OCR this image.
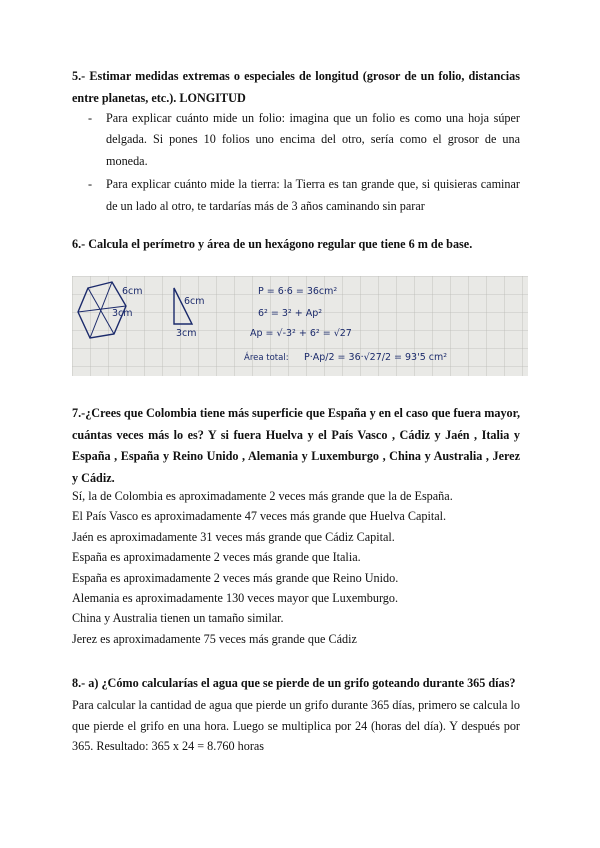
5.- Estimar medidas extremas o especiales de longitud (grosor de un folio, distancias entre planetas, etc.). LONGITUD
- Para explicar cuánto mide un folio: imagina que un folio es como una hoja súper delgada. Si pones 10 folios uno encima del otro, sería como el grosor de una moneda.
- Para explicar cuánto mide la tierra: la Tierra es tan grande que, si quisieras caminar de un lado al otro, te tardarías más de 3 años caminando sin parar
6.- Calcula el perímetro y área de un hexágono regular que tiene 6 m de base.
6cm
3cm
6cm
3cm
P = 6·6 = 36cm²
6² = 3² + Ap²
Ap = √-3² + 6² = √27
Área total: P·Ap/2 = 36·√27/2 = 93'5 cm²
7.-¿Crees que Colombia tiene más superficie que España y en el caso que fuera mayor, cuántas veces más lo es? Y si fuera Huelva y el País Vasco , Cádiz y Jaén , Italia y España , España y Reino Unido , Alemania y Luxemburgo , China y Australia , Jerez y Cádiz.

Sí, la de Colombia es aproximadamente 2 veces más grande que la de España.

El País Vasco es aproximadamente 47 veces más grande que Huelva Capital.

Jaén es aproximadamente 31 veces más grande que Cádiz Capital.

España es aproximadamente 2 veces más grande que Italia.

España es aproximadamente 2 veces más grande que Reino Unido.

Alemania es aproximadamente 130 veces mayor que Luxemburgo.

China y Australia tienen un tamaño similar.

Jerez es aproximadamente 75 veces más grande que Cádiz

8.- a) ¿Cómo calcularías el agua que se pierde de un grifo goteando durante 365 días?
Para calcular la cantidad de agua que pierde un grifo durante 365 días, primero se calcula lo que pierde el grifo en una hora. Luego se multiplica por 24 (horas del día). Y después por 365. Resultado: 365 x 24 = 8.760 horas
